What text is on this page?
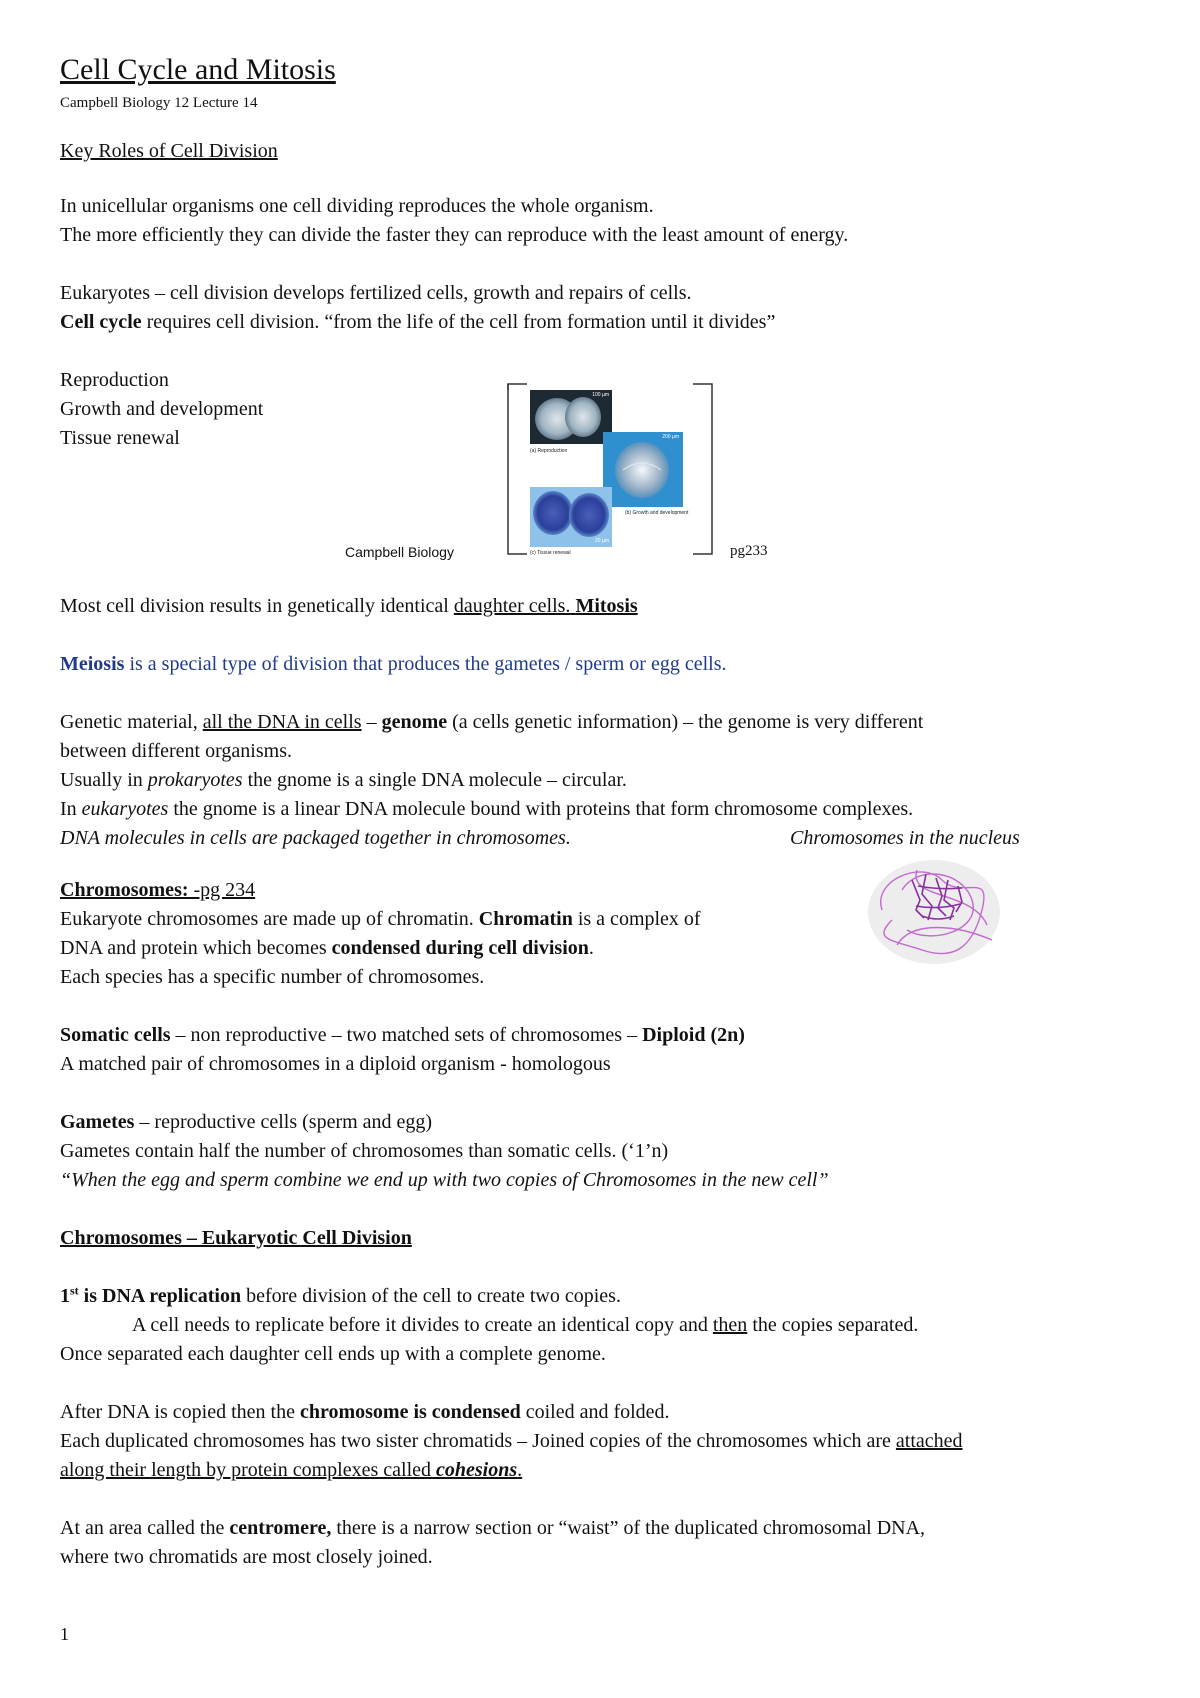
Cell Cycle and Mitosis
Campbell Biology 12 Lecture 14
Key Roles of Cell Division
In unicellular organisms one cell dividing reproduces the whole organism.
The more efficiently they can divide the faster they can reproduce with the least amount of energy.
Eukaryotes – cell division develops fertilized cells, growth and repairs of cells.
Cell cycle requires cell division. “from the life of the cell from formation until it divides”
Reproduction
Growth and development
Tissue renewal
100 µm
(a) Reproduction
200 µm
(b) Growth and development
20 µm
(c) Tissue renewal
Campbell Biology	pg233
Most cell division results in genetically identical daughter cells. Mitosis
Meiosis is a special type of division that produces the gametes / sperm or egg cells.
Genetic material, all the DNA in cells – genome (a cells genetic information) – the genome is very different
between different organisms.
Usually in prokaryotes the gnome is a single DNA molecule – circular.
In eukaryotes the gnome is a linear DNA molecule bound with proteins that form chromosome complexes.
DNA molecules in cells are packaged together in chromosomes.	Chromosomes in the nucleus
Chromosomes: -pg 234
Eukaryote chromosomes are made up of chromatin. Chromatin is a complex of
DNA and protein which becomes condensed during cell division.
Each species has a specific number of chromosomes.
Somatic cells – non reproductive – two matched sets of chromosomes – Diploid (2n)
A matched pair of chromosomes in a diploid organism - homologous
Gametes – reproductive cells (sperm and egg)
Gametes contain half the number of chromosomes than somatic cells. (‘1’n)
“When the egg and sperm combine we end up with two copies of Chromosomes in the new cell”
Chromosomes – Eukaryotic Cell Division
1st is DNA replication before division of the cell to create two copies.
A cell needs to replicate before it divides to create an identical copy and then the copies separated.
Once separated each daughter cell ends up with a complete genome.
After DNA is copied then the chromosome is condensed coiled and folded.
Each duplicated chromosomes has two sister chromatids – Joined copies of the chromosomes which are attached
along their length by protein complexes called cohesions.
At an area called the centromere, there is a narrow section or “waist” of the duplicated chromosomal DNA,
where two chromatids are most closely joined.
1
